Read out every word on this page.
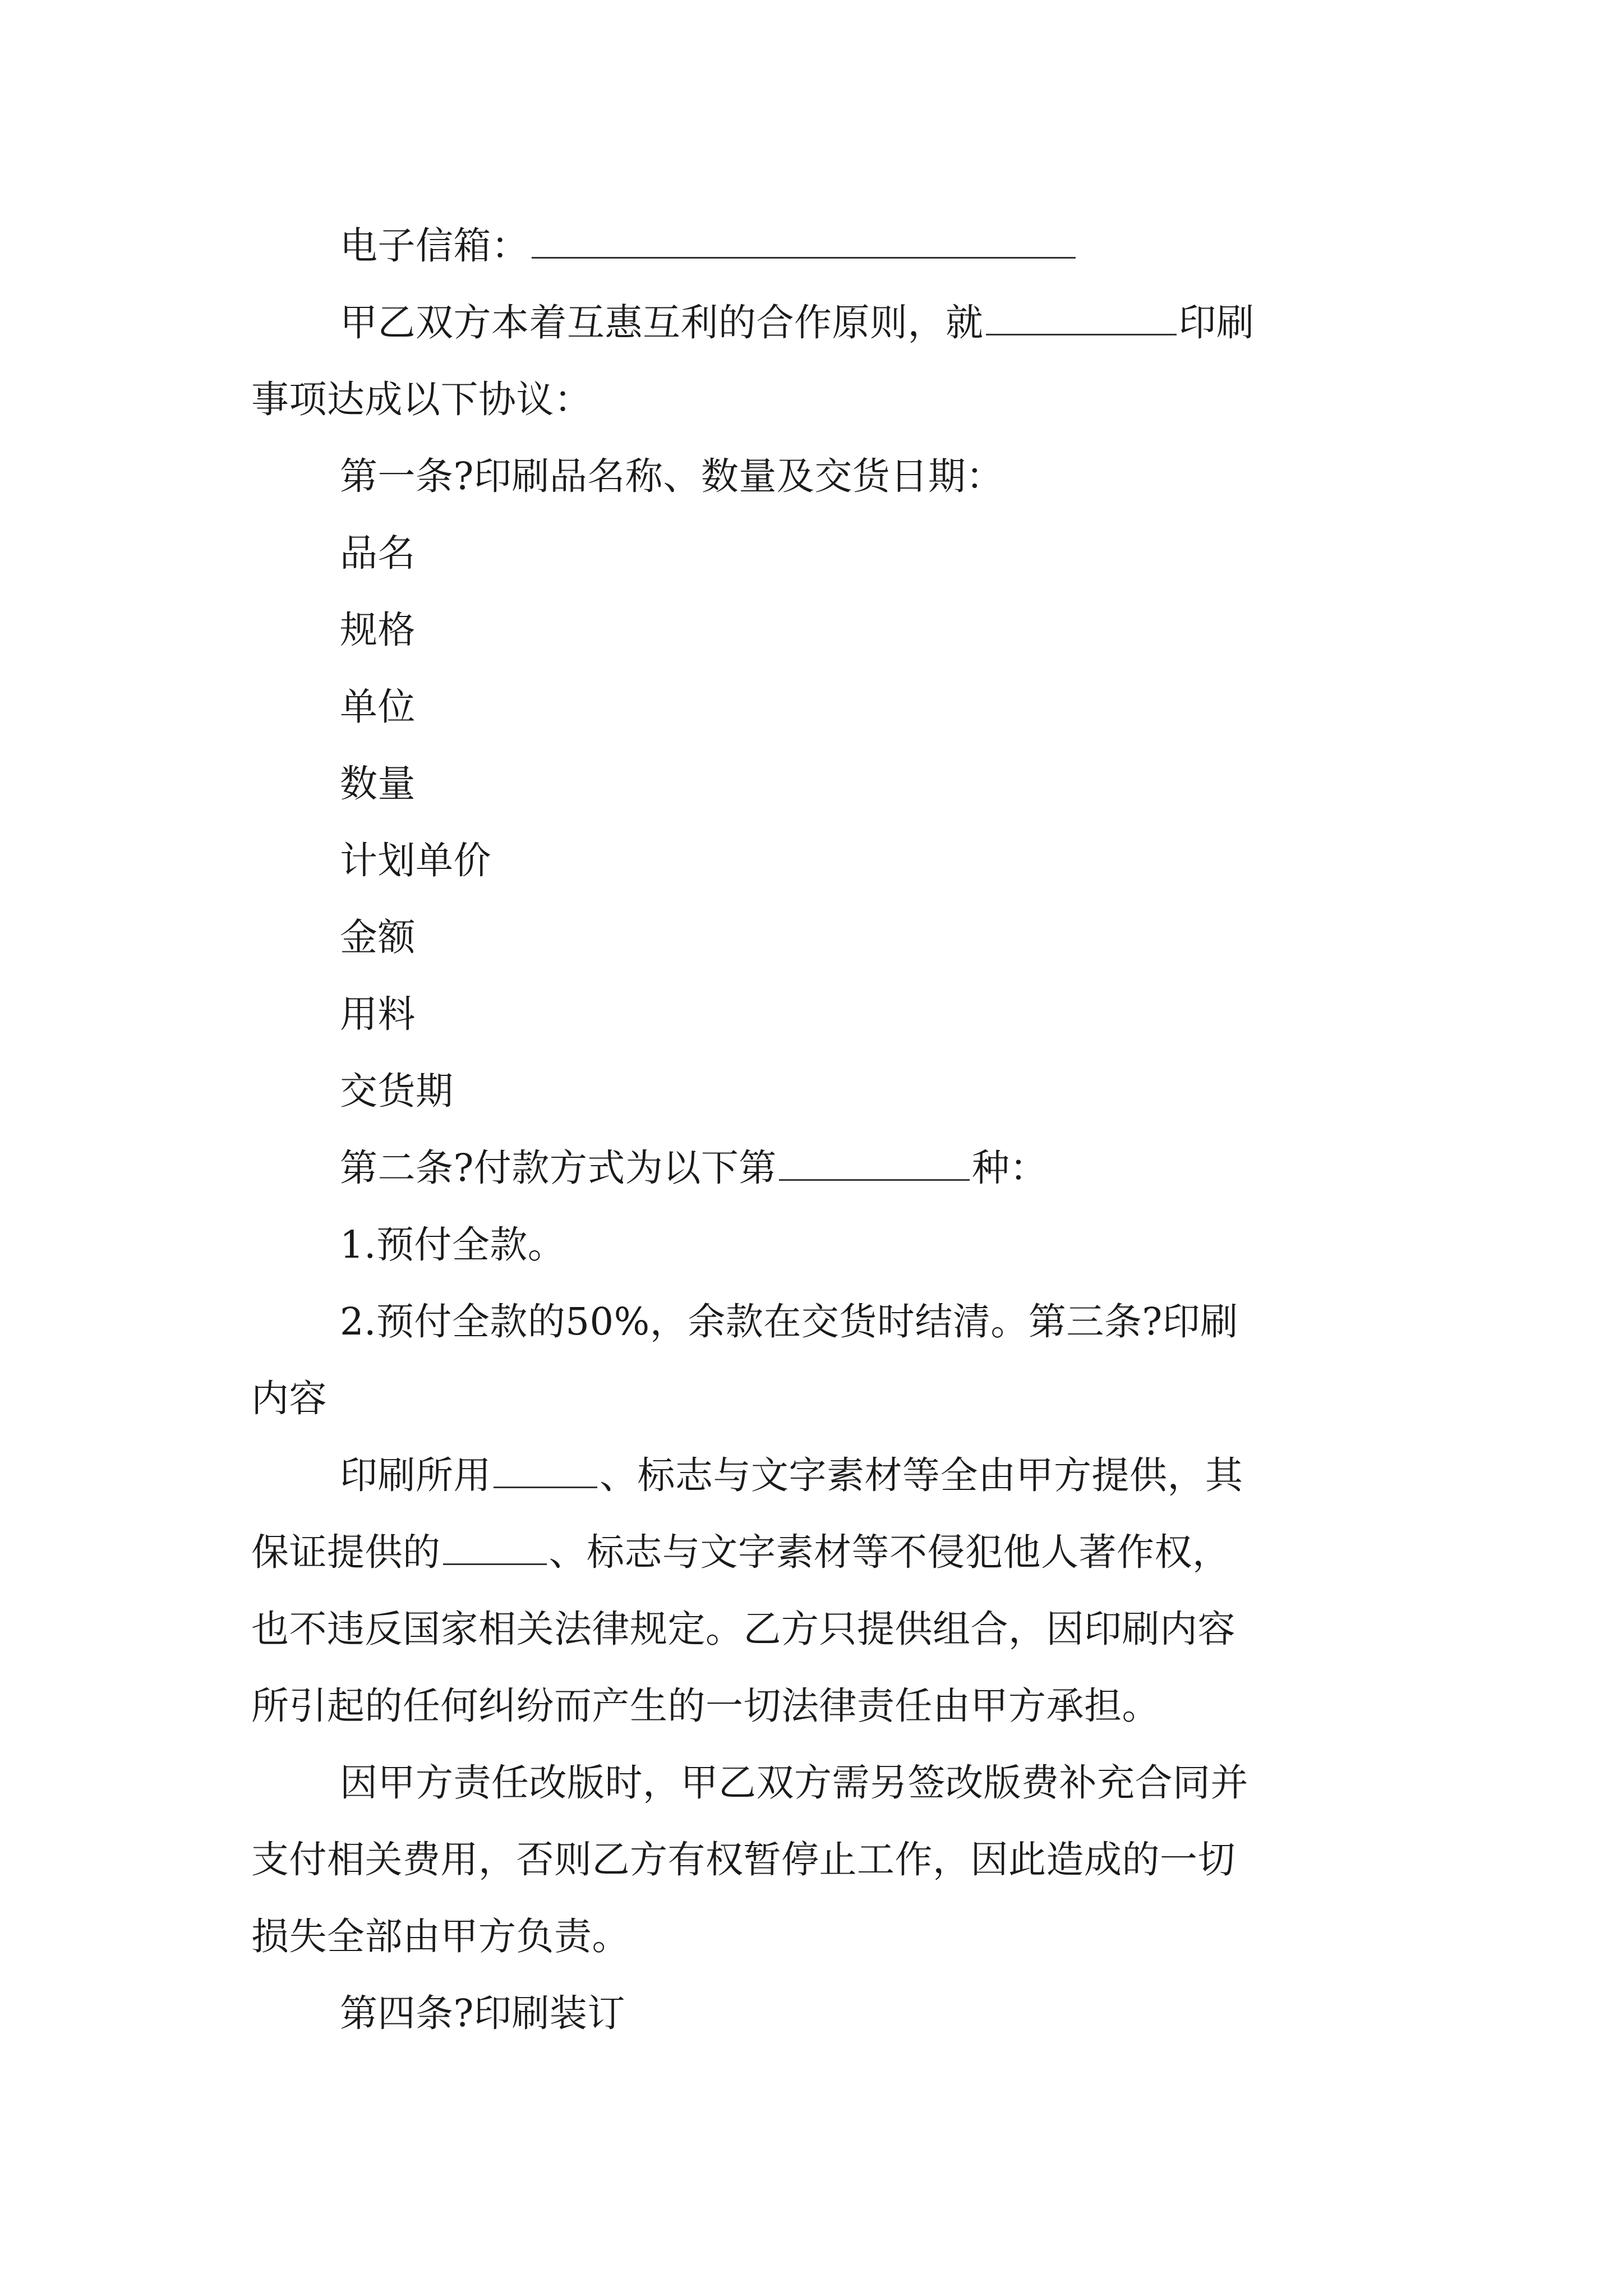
电子信箱：
甲乙双方本着互惠互利的合作原则，就	印刷
事项达成以下协议：
第一条?印刷品名称、数量及交货日期：
品名
规格
单位
数量
计划单价
金额
用料
交货期
第二条?付款方式为以下第	种：
1.预付全款。
2.预付全款的50%，余款在交货时结清。第三条?印刷
内容
印刷所用	、标志与文字素材等全由甲方提供，其
保证提供的	、标志与文字素材等不侵犯他人著作权，
也不违反国家相关法律规定。乙方只提供组合，因印刷内容
所引起的任何纠纷而产生的一切法律责任由甲方承担。
因甲方责任改版时，甲乙双方需另签改版费补充合同并
支付相关费用，否则乙方有权暂停止工作，因此造成的一切
损失全部由甲方负责。
第四条?印刷装订
